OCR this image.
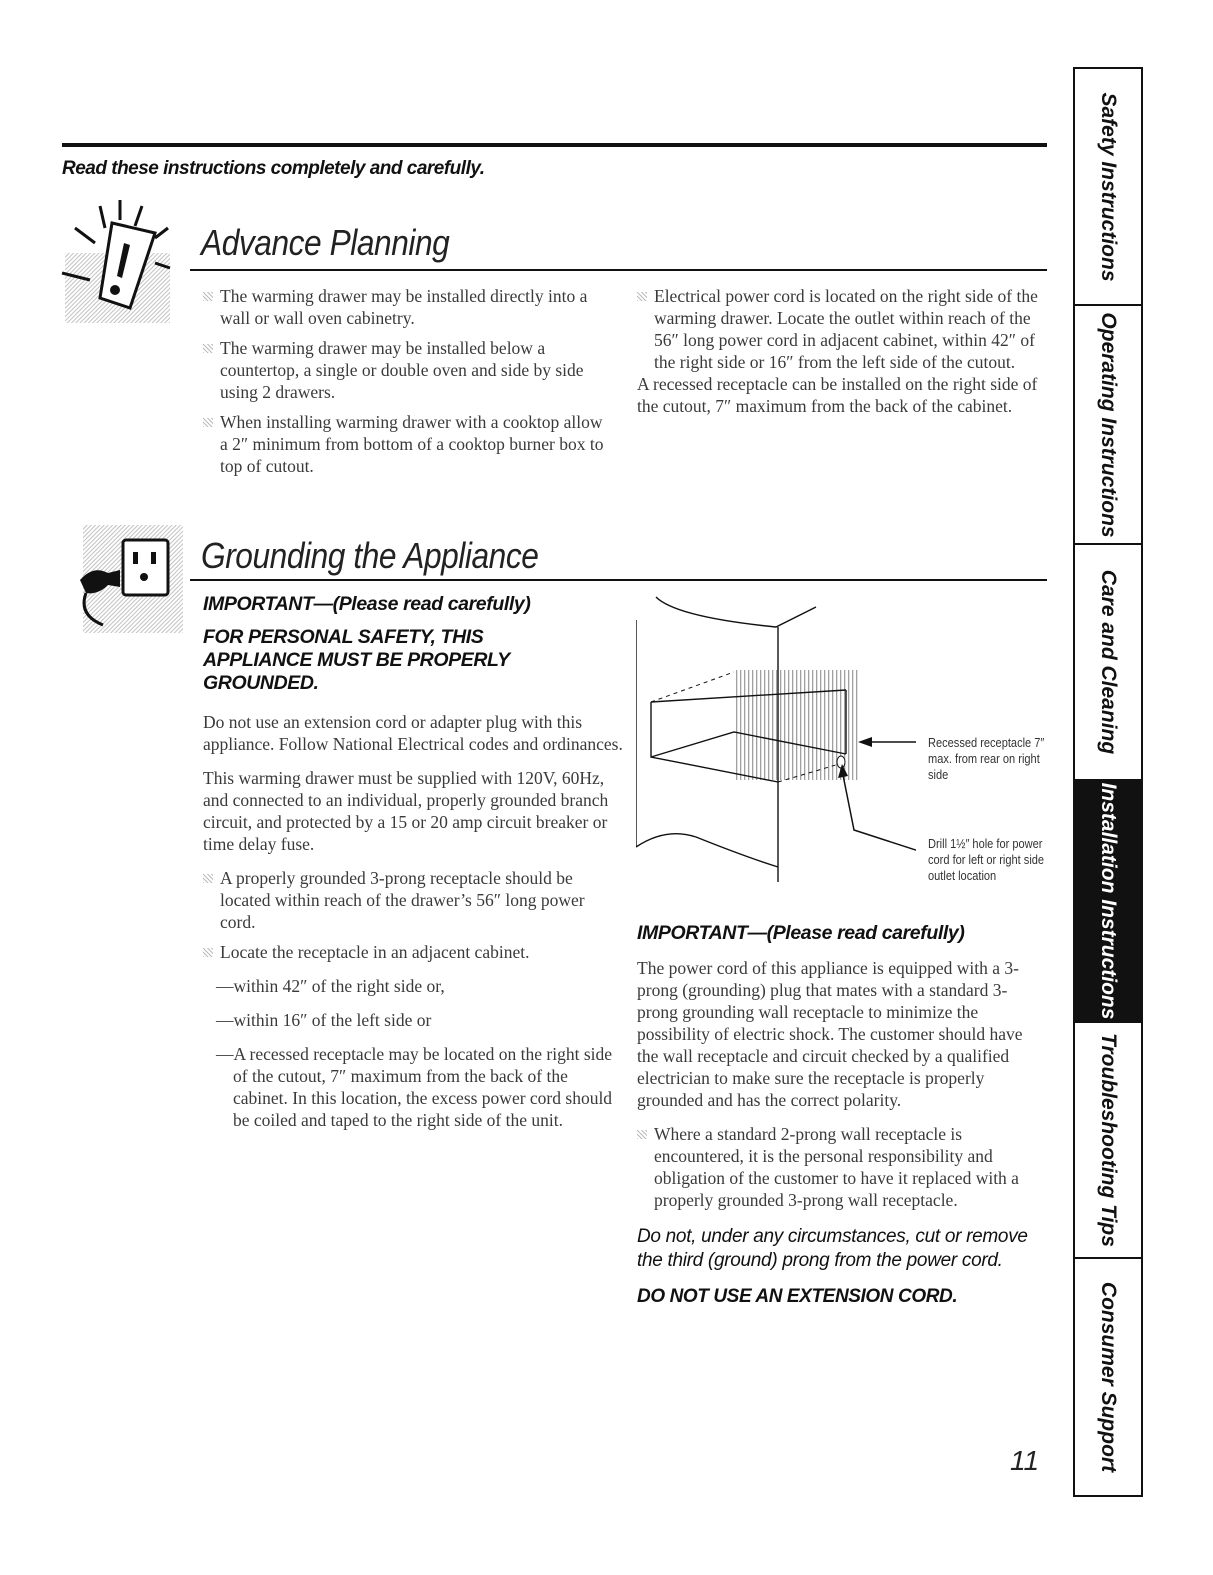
Read these instructions completely and carefully.
Advance Planning
The warming drawer may be installed directly into a wall or wall oven cabinetry.
The warming drawer may be installed below a countertop, a single or double oven and side by side using 2 drawers.
When installing warming drawer with a cooktop allow a 2″ minimum from bottom of a cooktop burner box to top of cutout.
Electrical power cord is located on the right side of the warming drawer. Locate the outlet within reach of the 56″ long power cord in adjacent cabinet, within 42″ of the right side or 16″ from the left side of the cutout.
A recessed receptacle can be installed on the right side of the cutout, 7″ maximum from the back of the cabinet.
Grounding the Appliance
IMPORTANT—(Please read carefully)
FOR PERSONAL SAFETY, THIS APPLIANCE MUST BE PROPERLY GROUNDED.

Do not use an extension cord or adapter plug with this appliance. Follow National Electrical codes and ordinances.

This warming drawer must be supplied with 120V, 60Hz, and connected to an individual, properly grounded branch circuit, and protected by a 15 or 20 amp circuit breaker or time delay fuse.

A properly grounded 3-prong receptacle should be located within reach of the drawer’s 56″ long power cord.
Locate the receptacle in an adjacent cabinet.

—within 42″ of the right side or,

—within 16″ of the left side or

—A recessed receptacle may be located on the right side of the cutout, 7″ maximum from the back of the cabinet. In this location, the excess power cord should be coiled and taped to the right side of the unit.

Recessed receptacle 7″ max. from rear on right side
Drill 1½″ hole for power cord for left or right side outlet location
IMPORTANT—(Please read carefully)

The power cord of this appliance is equipped with a 3-prong (grounding) plug that mates with a standard 3-prong grounding wall receptacle to minimize the possibility of electric shock. The customer should have the wall receptacle and circuit checked by a qualified electrician to make sure the receptacle is properly grounded and has the correct polarity.

Where a standard 2-prong wall receptacle is encountered, it is the personal responsibility and obligation of the customer to have it replaced with a properly grounded 3-prong wall receptacle.
Do not, under any circumstances, cut or remove the third (ground) prong from the power cord.
DO NOT USE AN EXTENSION CORD.
Safety Instructions
Operating Instructions
Care and Cleaning
Installation Instructions
Troubleshooting Tips
Consumer Support
11
